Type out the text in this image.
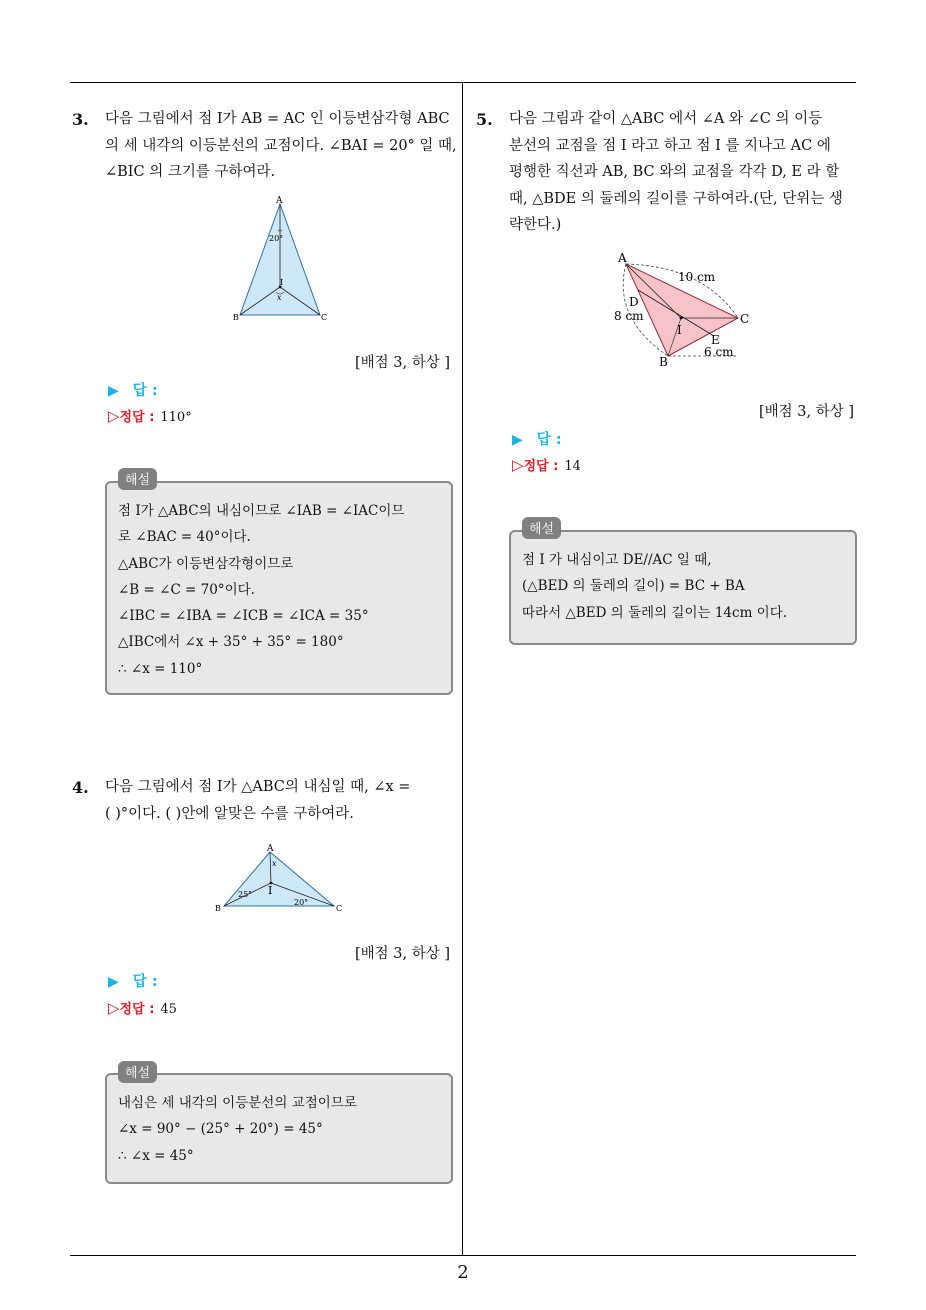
2
3. 다음 그림에서 점 I가 AB = AC 인 이등변삼각형 ABC
의 세 내각의 이등분선의 교점이다. ∠BAI = 20° 일 때,
∠BIC 의 크기를 구하여라.
A
B	C
I
20°
x
[배점 3, 하상 ]
▶ 답 :
▷정답 : 110°
해설
점 I가 △ABC의 내심이므로 ∠IAB = ∠IAC이므
로 ∠BAC = 40°이다.
△ABC가 이등변삼각형이므로
∠B = ∠C = 70°이다.
∠IBC = ∠IBA = ∠ICB = ∠ICA = 35°
△IBC에서 ∠x + 35° + 35° = 180°
∴ ∠x = 110°
4. 다음 그림에서 점 I가 △ABC의 내심일 때, ∠x =
( )°이다. ( )안에 알맞은 수를 구하여라.
A
B	C
I
x
25°
20°
[배점 3, 하상 ]
▶ 답 :
▷정답 : 45
해설
내심은 세 내각의 이등분선의 교점이므로
∠x = 90° − (25° + 20°) = 45°
∴ ∠x = 45°
5. 다음 그림과 같이 △ABC 에서 ∠A 와 ∠C 의 이등
분선의 교점을 점 I 라고 하고 점 I 를 지나고 AC 에
평행한 직선과 AB, BC 와의 교점을 각각 D, E 라 할
때, △BDE 의 둘레의 길이를 구하여라.(단, 단위는 생
략한다.)
A
B
C
D
E
I
10 cm
8 cm
6 cm
[배점 3, 하상 ]
▶ 답 :
▷정답 : 14
해설
점 I 가 내심이고 DE//AC 일 때,
(△BED 의 둘레의 길이) = BC + BA
따라서 △BED 의 둘레의 길이는 14cm 이다.
